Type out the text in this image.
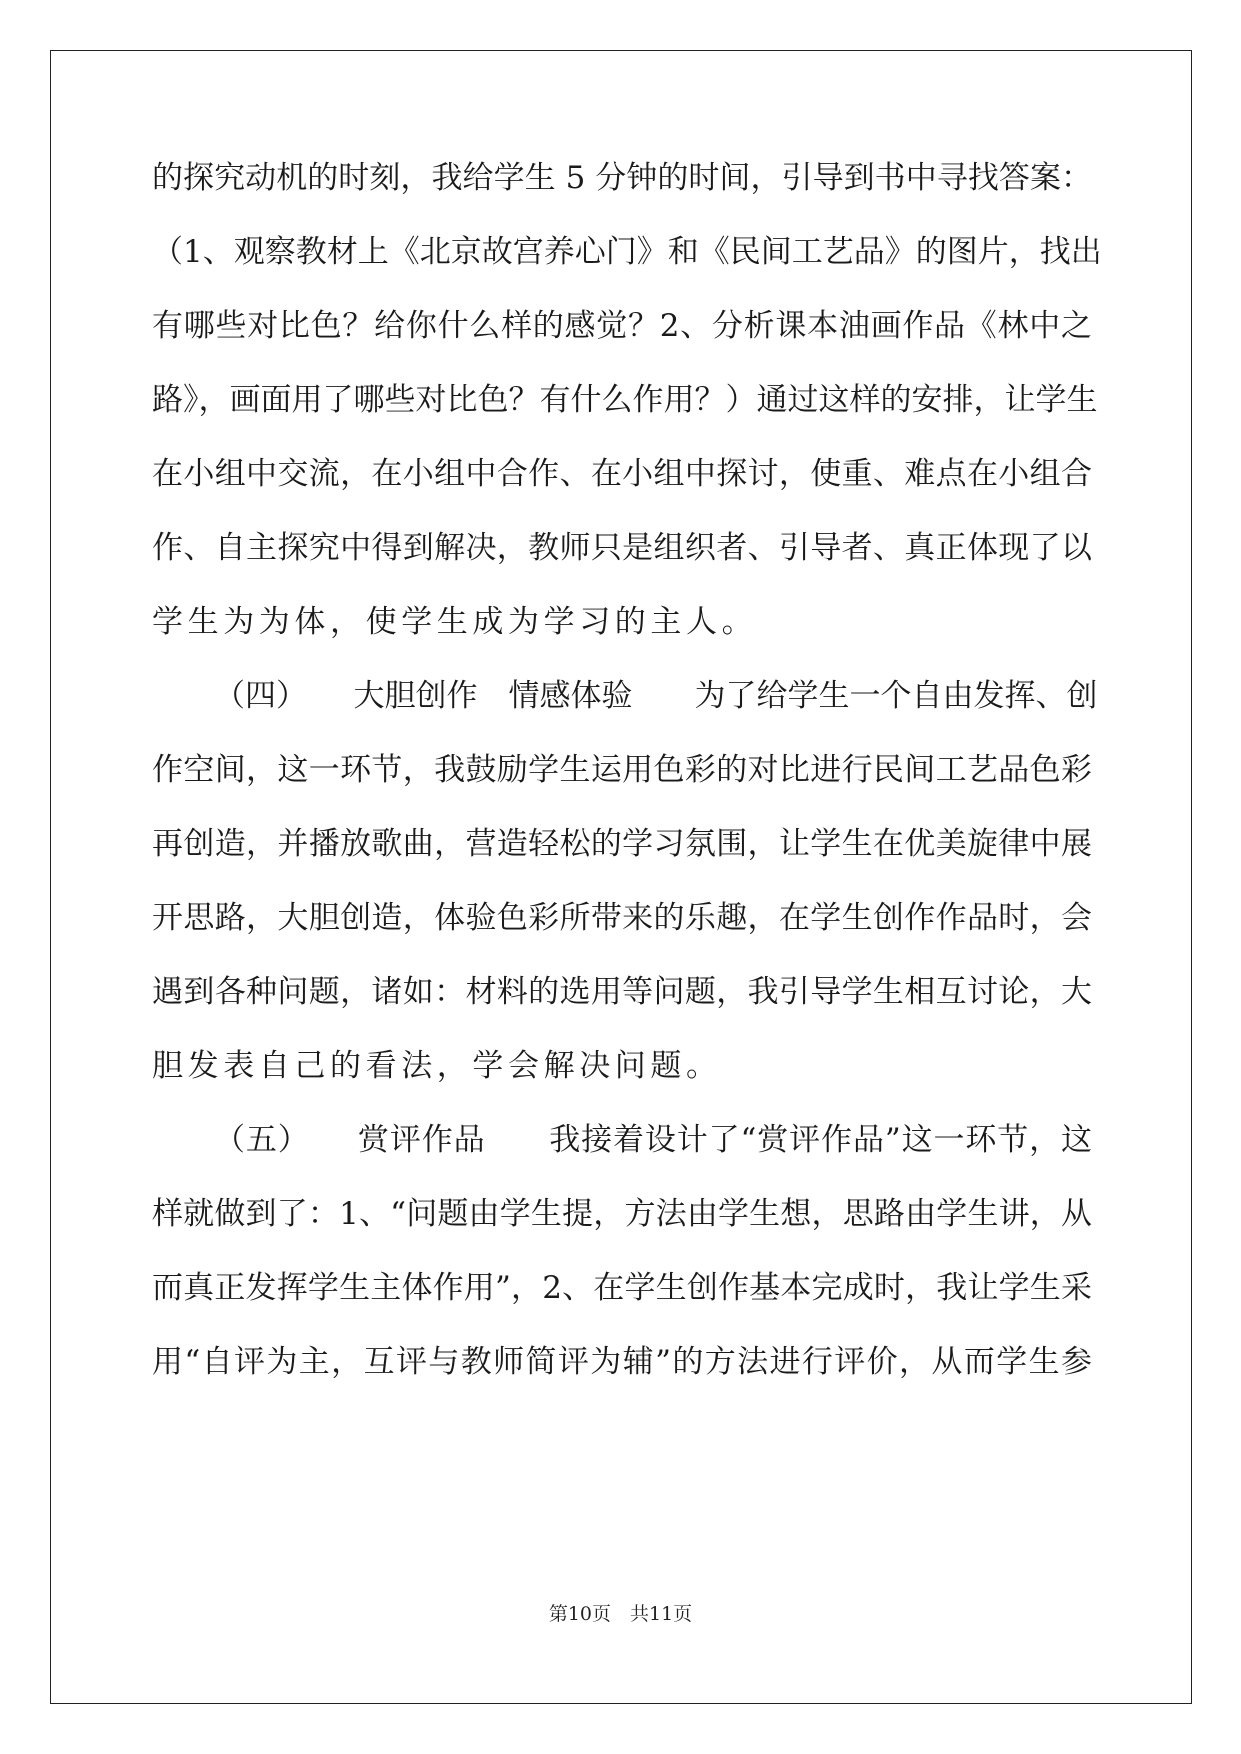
的探究动机的时刻，我给学生 5 分钟的时间，引导到书中寻找答案：
（1、观察教材上《北京故宫养心门》和《民间工艺品》的图片，找出
有哪些对比色？给你什么样的感觉？2、分析课本油画作品《林中之
路》，画面用了哪些对比色？有什么作用？）通过这样的安排，让学生
在小组中交流，在小组中合作、在小组中探讨，使重、难点在小组合
作、自主探究中得到解决，教师只是组织者、引导者、真正体现了以
学生为为体，使学生成为学习的主人。
（四）　　大胆创作　情感体验　　为了给学生一个自由发挥、创
作空间，这一环节，我鼓励学生运用色彩的对比进行民间工艺品色彩
再创造，并播放歌曲，营造轻松的学习氛围，让学生在优美旋律中展
开思路，大胆创造，体验色彩所带来的乐趣，在学生创作作品时，会
遇到各种问题，诸如：材料的选用等问题，我引导学生相互讨论，大
胆发表自己的看法，学会解决问题。
（五）　　赏评作品　　我接着设计了“赏评作品”这一环节，这
样就做到了：1、“问题由学生提，方法由学生想，思路由学生讲，从
而真正发挥学生主体作用”，2、在学生创作基本完成时，我让学生采
用“自评为主，互评与教师简评为辅”的方法进行评价，从而学生参
第10页　共11页
